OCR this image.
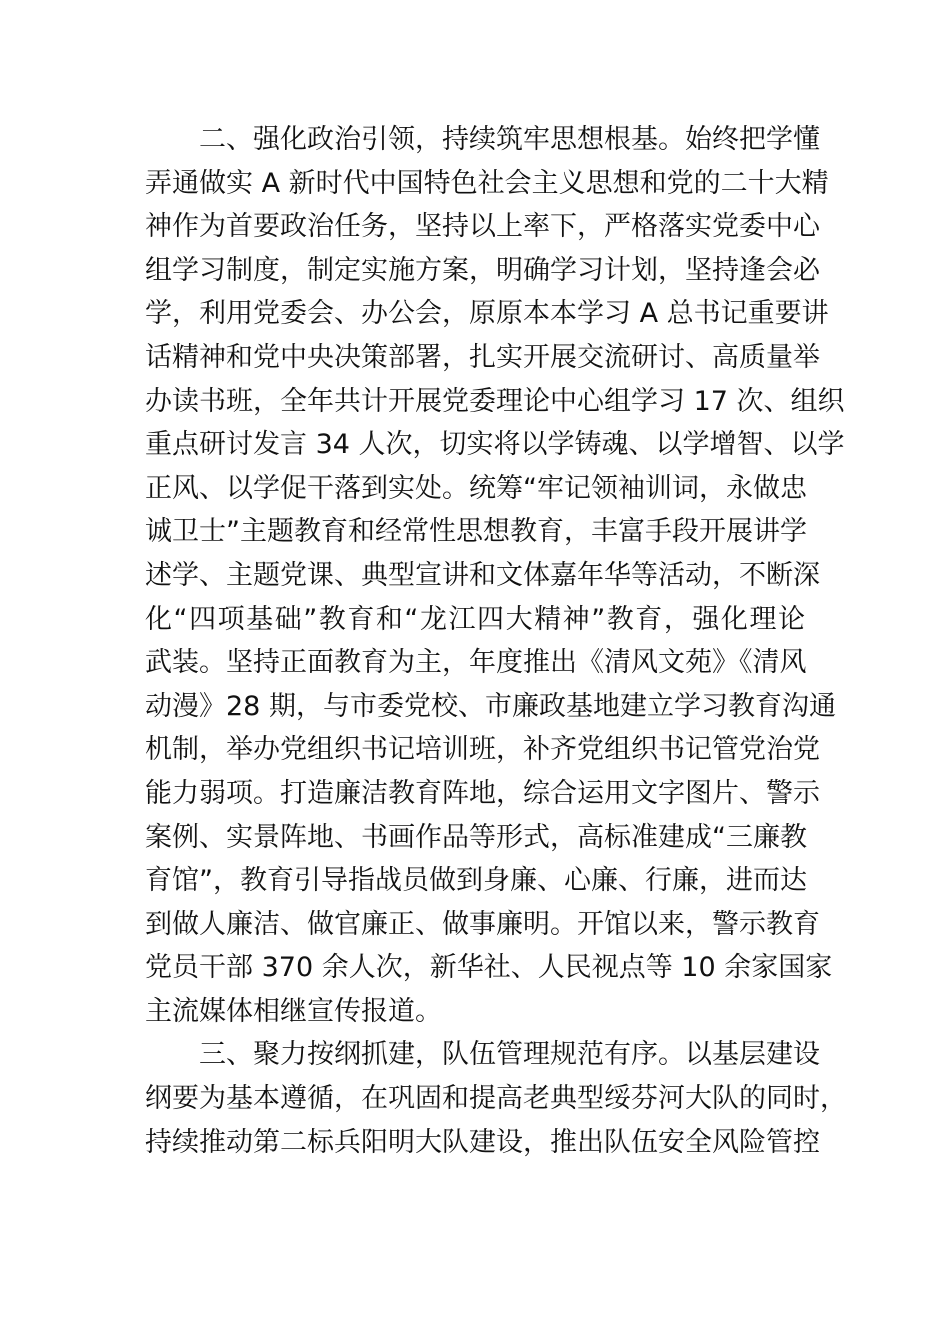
二、强化政治引领，持续筑牢思想根基。始终把学懂
弄通做实 A 新时代中国特色社会主义思想和党的二十大精
神作为首要政治任务，坚持以上率下，严格落实党委中心
组学习制度，制定实施方案，明确学习计划，坚持逢会必
学，利用党委会、办公会，原原本本学习 A 总书记重要讲
话精神和党中央决策部署，扎实开展交流研讨、高质量举
办读书班，全年共计开展党委理论中心组学习 17 次、组织
重点研讨发言 34 人次，切实将以学铸魂、以学增智、以学
正风、以学促干落到实处。统筹“牢记领袖训词，永做忠
诚卫士”主题教育和经常性思想教育，丰富手段开展讲学
述学、主题党课、典型宣讲和文体嘉年华等活动，不断深
化“四项基础”教育和“龙江四大精神”教育，强化理论
武装。坚持正面教育为主，年度推出《清风文苑》《清风
动漫》28 期，与市委党校、市廉政基地建立学习教育沟通
机制，举办党组织书记培训班，补齐党组织书记管党治党
能力弱项。打造廉洁教育阵地，综合运用文字图片、警示
案例、实景阵地、书画作品等形式，高标准建成“三廉教
育馆”，教育引导指战员做到身廉、心廉、行廉，进而达
到做人廉洁、做官廉正、做事廉明。开馆以来，警示教育
党员干部 370 余人次，新华社、人民视点等 10 余家国家
主流媒体相继宣传报道。
三、聚力按纲抓建，队伍管理规范有序。以基层建设
纲要为基本遵循，在巩固和提高老典型绥芬河大队的同时，
持续推动第二标兵阳明大队建设，推出队伍安全风险管控
